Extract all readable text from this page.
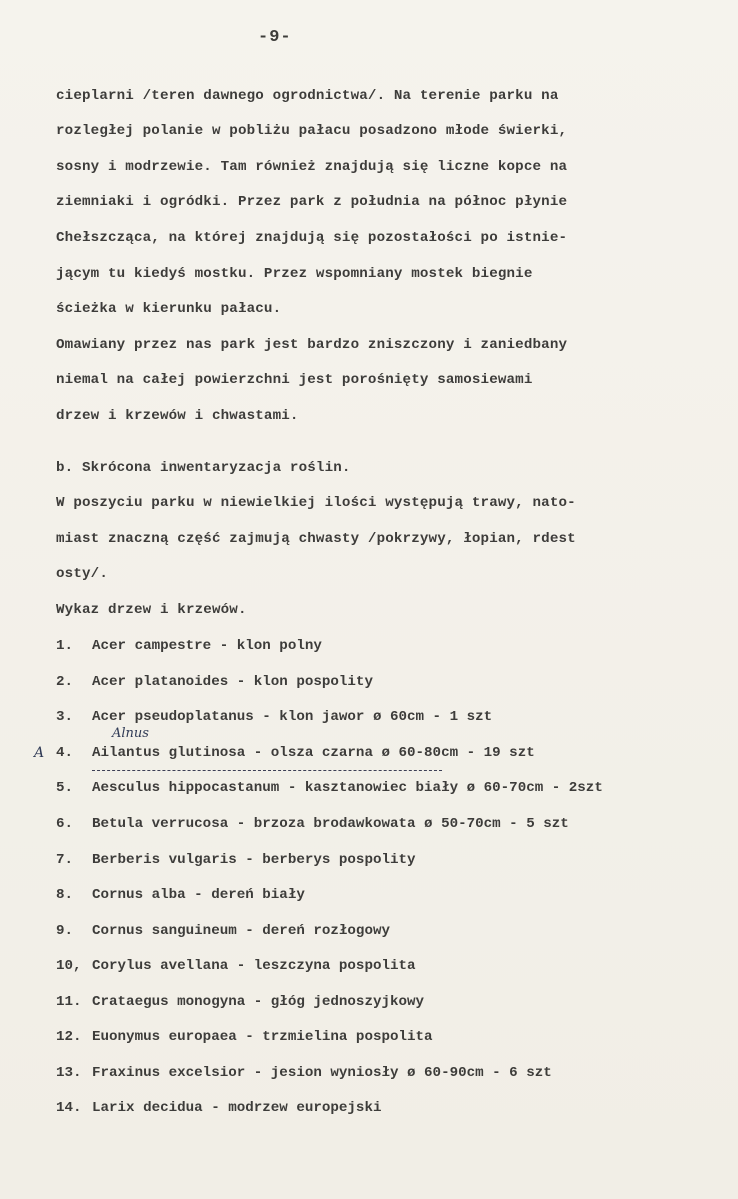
-9-
cieplarni /teren dawnego ogrodnictwa/. Na terenie parku na
rozległej polanie w pobliżu pałacu posadzono młode świerki,
sosny i modrzewie. Tam również znajdują się liczne kopce na
ziemniaki i ogródki. Przez park z południa na północ płynie
Chełszcząca, na której znajdują się pozostałości po istnie-
jącym tu kiedyś mostku. Przez wspomniany mostek biegnie
ścieżka w kierunku pałacu.
Omawiany przez nas park jest bardzo zniszczony i zaniedbany
niemal na całej powierzchni jest porośnięty samosiewami
drzew i krzewów i chwastami.
b. Skrócona inwentaryzacja roślin.
W poszyciu parku w niewielkiej ilości występują trawy, nato-
miast znaczną część zajmują chwasty /pokrzywy, łopian, rdest
osty/.
Wykaz drzew i krzewów.
1. Acer campestre - klon polny
2. Acer platanoides - klon pospolity
3. Acer pseudoplatanus - klon jawor ø 60cm - 1 szt
4. Ailantus glutinosa - olsza czarna ø 60-80cm - 19 szt
5. Aesculus hippocastanum - kasztanowiec biały ø 60-70cm - 2szt
6. Betula verrucosa - brzoza brodawkowata ø 50-70cm - 5 szt
7. Berberis vulgaris - berberys pospolity
8. Cornus alba - dereń biały
9. Cornus sanguineum - dereń rozłogowy
10, Corylus avellana - leszczyna pospolita
11. Crataegus monogyna - głóg jednoszyjkowy
12. Euonymus europaea - trzmielina pospolita
13. Fraxinus excelsior - jesion wyniosły ø 60-90cm - 6 szt
14. Larix decidua - modrzew europejski
Alnus
A
